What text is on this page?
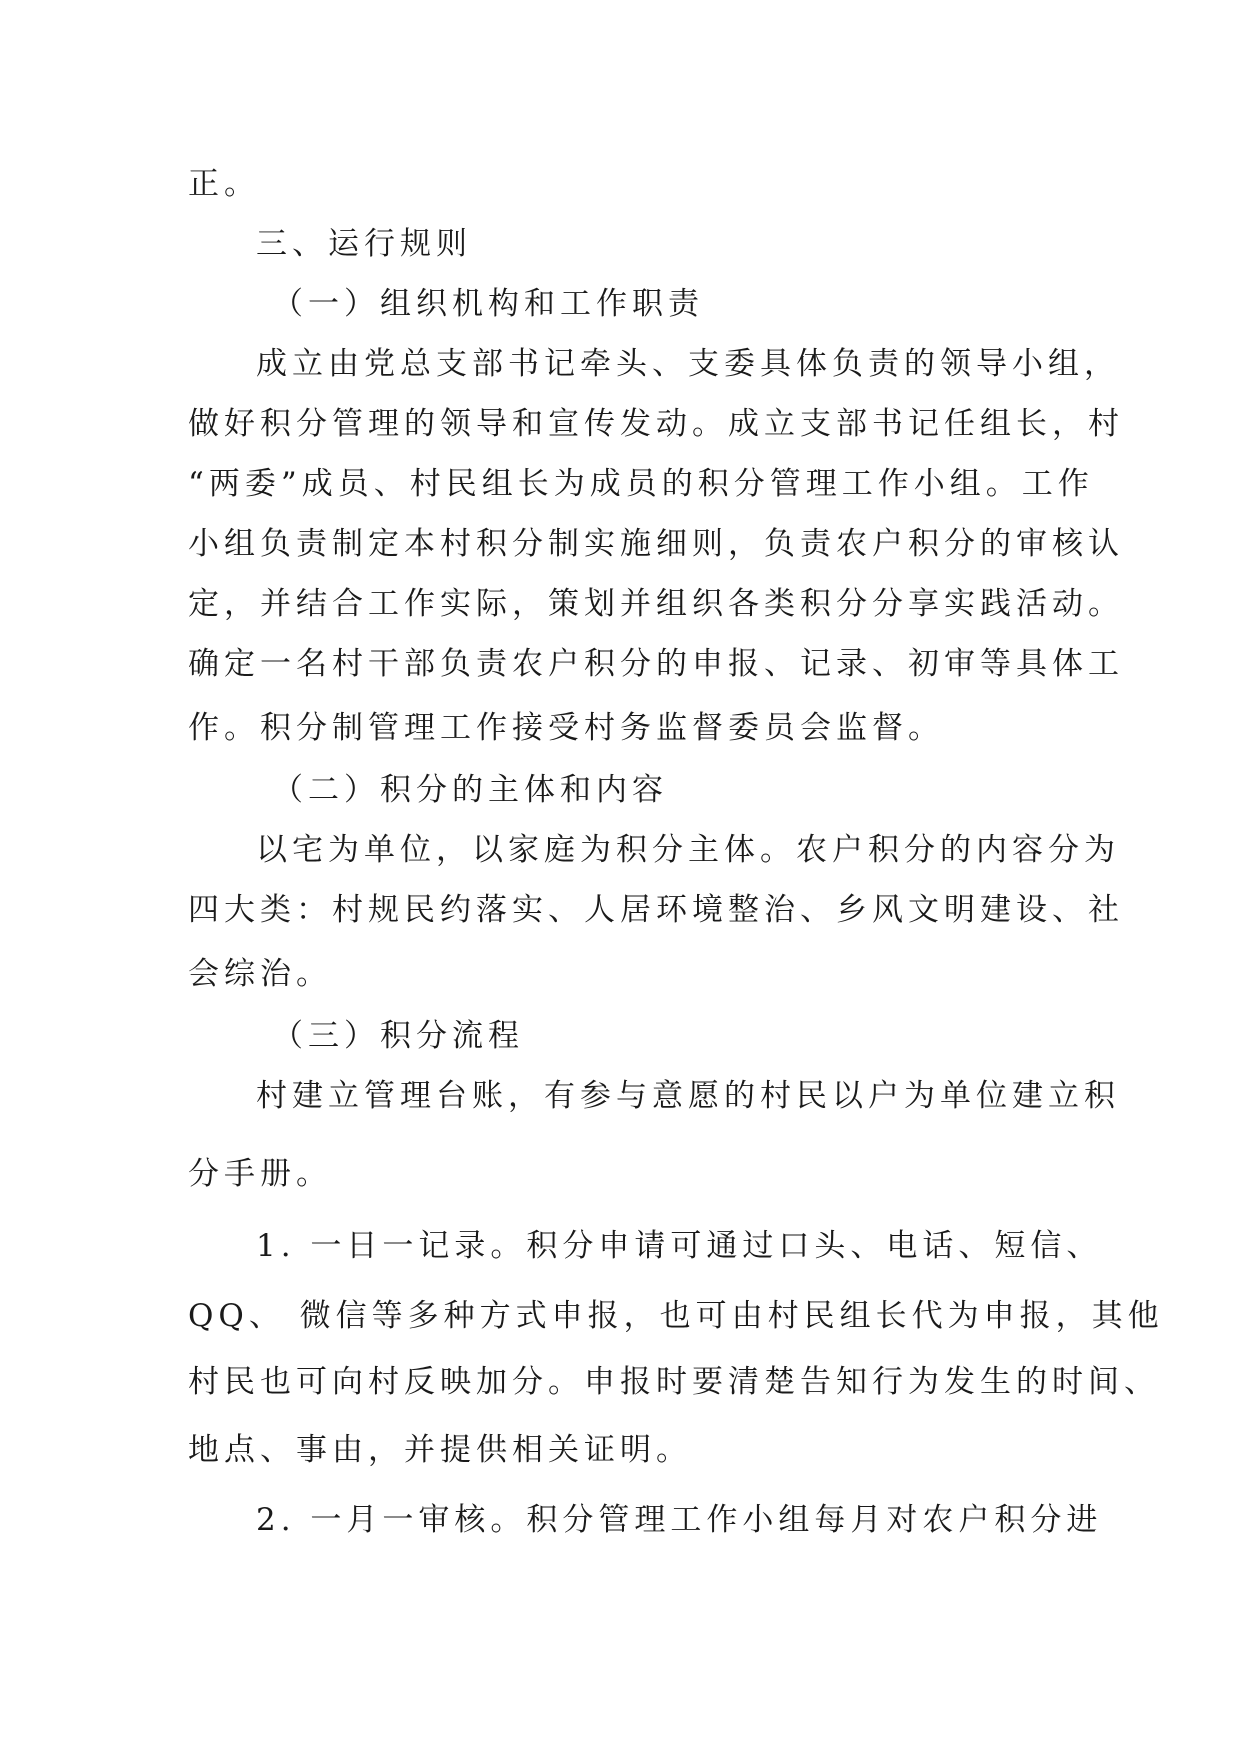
正。
三、运行规则
（一）组织机构和工作职责
成立由党总支部书记牵头、支委具体负责的领导小组，
做好积分管理的领导和宣传发动。成立支部书记任组长，村
“两委”成员、村民组长为成员的积分管理工作小组。工作
小组负责制定本村积分制实施细则，负责农户积分的审核认
定，并结合工作实际，策划并组织各类积分分享实践活动。
确定一名村干部负责农户积分的申报、记录、初审等具体工
作。积分制管理工作接受村务监督委员会监督。
（二）积分的主体和内容
以宅为单位，以家庭为积分主体。农户积分的内容分为
四大类：村规民约落实、人居环境整治、乡风文明建设、社
会综治。
（三）积分流程
村建立管理台账，有参与意愿的村民以户为单位建立积
分手册。
1. 一日一记录。积分申请可通过口头、电话、短信、
QQ、 微信等多种方式申报，也可由村民组长代为申报，其他
村民也可向村反映加分。申报时要清楚告知行为发生的时间、
地点、事由，并提供相关证明。
2. 一月一审核。积分管理工作小组每月对农户积分进
